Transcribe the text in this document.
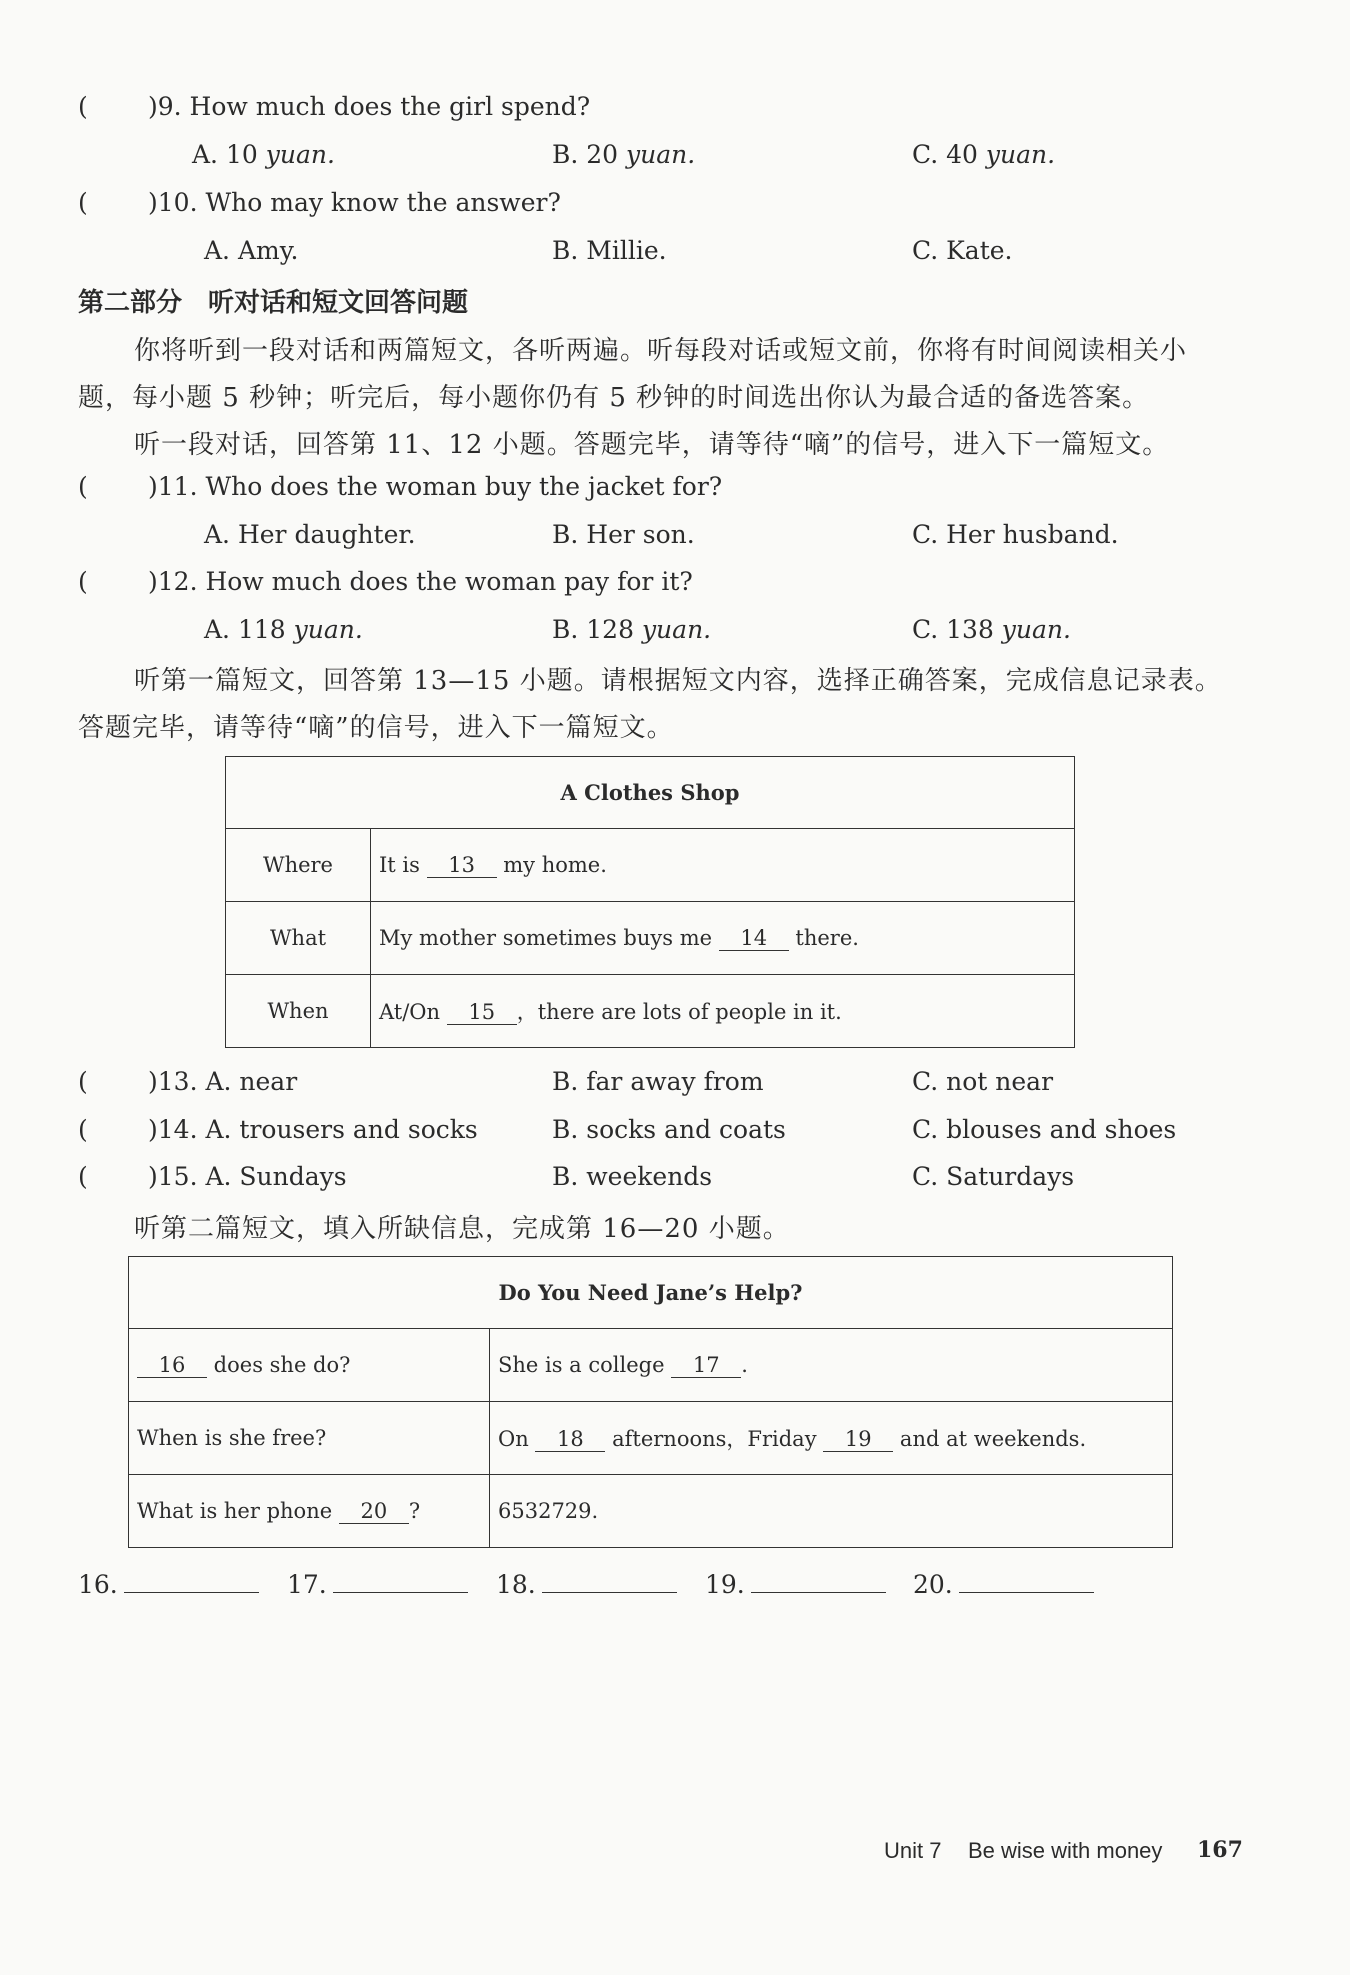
( )9. How much does the girl spend?
A. 10 yuan.	B. 20 yuan.	C. 40 yuan.
( )10. Who may know the answer?
A. Amy.	B. Millie.	C. Kate.
第二部分　听对话和短文回答问题
你将听到一段对话和两篇短文，各听两遍。听每段对话或短文前，你将有时间阅读相关小
题，每小题 5 秒钟；听完后，每小题你仍有 5 秒钟的时间选出你认为最合适的备选答案。
听一段对话，回答第 11、12 小题。答题完毕，请等待“嘀”的信号，进入下一篇短文。
( )11. Who does the woman buy the jacket for?
A. Her daughter.	B. Her son.	C. Her husband.
( )12. How much does the woman pay for it?
A. 118 yuan.	B. 128 yuan.	C. 138 yuan.
听第一篇短文，回答第 13—15 小题。请根据短文内容，选择正确答案，完成信息记录表。
答题完毕，请等待“嘀”的信号，进入下一篇短文。
A Clothes Shop	
Where	It is 13 my home.
What	My mother sometimes buys me 14 there.
When	At/On 15 ，there are lots of people in it.
( )13. A. near	B. far away from	C. not near
( )14. A. trousers and socks	B. socks and coats	C. blouses and shoes
( )15. A. Sundays	B. weekends	C. Saturdays
听第二篇短文，填入所缺信息，完成第 16—20 小题。
Do You Need Jane’s Help?	
16 does she do?	She is a college 17 .
When is she free?	On 18 afternoons，Friday 19 and at weekends.
What is her phone 20 ?	6532729.
16.	17.	18.	19.	20.
Unit 7 Be wise with money 167
